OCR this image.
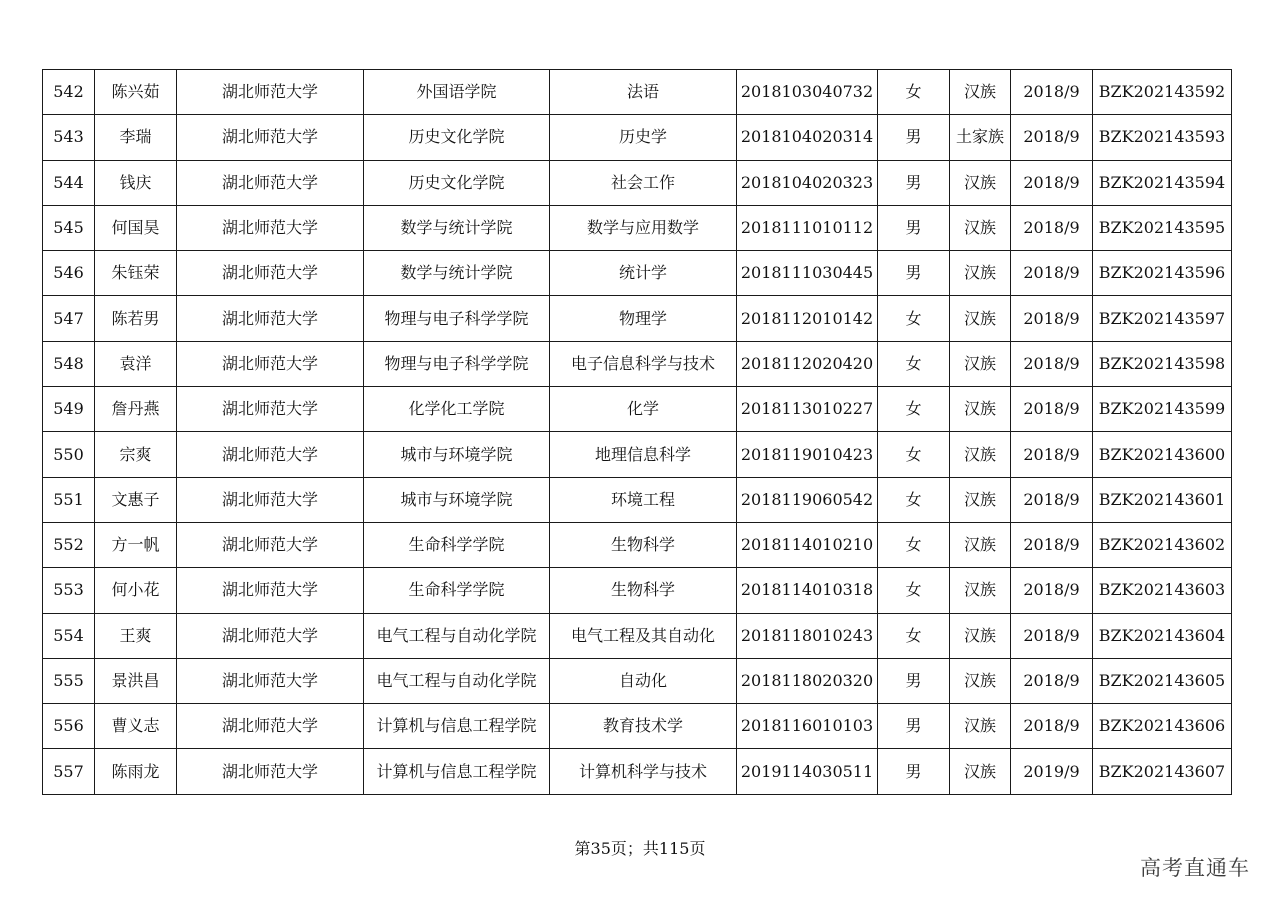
542	陈兴茹	湖北师范大学	外国语学院	法语	2018103040732	女	汉族	2018/9	BZK202143592
543	李瑞	湖北师范大学	历史文化学院	历史学	2018104020314	男	土家族	2018/9	BZK202143593
544	钱庆	湖北师范大学	历史文化学院	社会工作	2018104020323	男	汉族	2018/9	BZK202143594
545	何国昊	湖北师范大学	数学与统计学院	数学与应用数学	2018111010112	男	汉族	2018/9	BZK202143595
546	朱钰荣	湖北师范大学	数学与统计学院	统计学	2018111030445	男	汉族	2018/9	BZK202143596
547	陈若男	湖北师范大学	物理与电子科学学院	物理学	2018112010142	女	汉族	2018/9	BZK202143597
548	袁洋	湖北师范大学	物理与电子科学学院	电子信息科学与技术	2018112020420	女	汉族	2018/9	BZK202143598
549	詹丹燕	湖北师范大学	化学化工学院	化学	2018113010227	女	汉族	2018/9	BZK202143599
550	宗爽	湖北师范大学	城市与环境学院	地理信息科学	2018119010423	女	汉族	2018/9	BZK202143600
551	文惠子	湖北师范大学	城市与环境学院	环境工程	2018119060542	女	汉族	2018/9	BZK202143601
552	方一帆	湖北师范大学	生命科学学院	生物科学	2018114010210	女	汉族	2018/9	BZK202143602
553	何小花	湖北师范大学	生命科学学院	生物科学	2018114010318	女	汉族	2018/9	BZK202143603
554	王爽	湖北师范大学	电气工程与自动化学院	电气工程及其自动化	2018118010243	女	汉族	2018/9	BZK202143604
555	景洪昌	湖北师范大学	电气工程与自动化学院	自动化	2018118020320	男	汉族	2018/9	BZK202143605
556	曹义志	湖北师范大学	计算机与信息工程学院	教育技术学	2018116010103	男	汉族	2018/9	BZK202143606
557	陈雨龙	湖北师范大学	计算机与信息工程学院	计算机科学与技术	2019114030511	男	汉族	2019/9	BZK202143607
第35页；共115页
高考直通车
